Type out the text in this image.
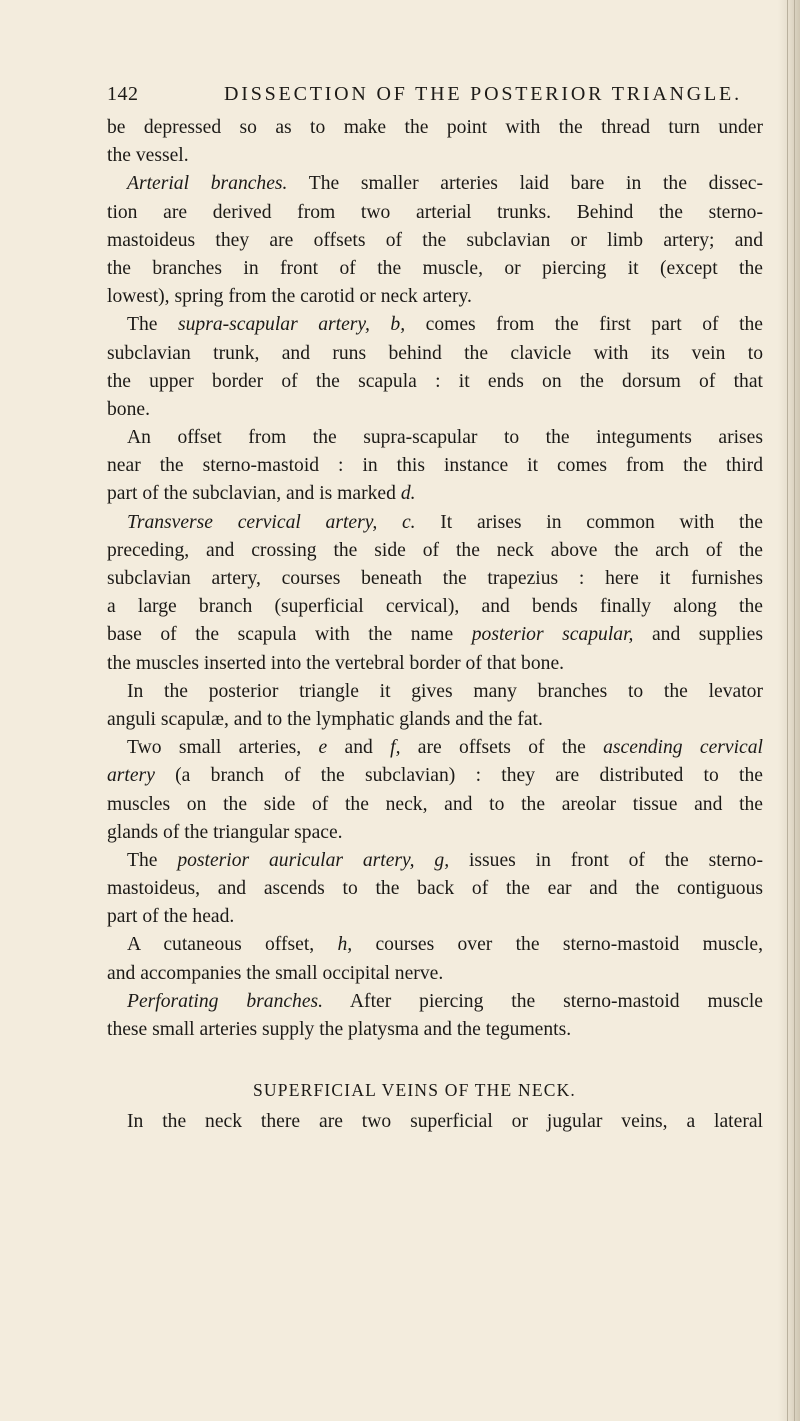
142	DISSECTION OF THE POSTERIOR TRIANGLE.
be depressed so as to make the point with the thread turn under
the vessel.
Arterial branches. The smaller arteries laid bare in the dissec-
tion are derived from two arterial trunks. Behind the sterno-
mastoideus they are offsets of the subclavian or limb artery; and
the branches in front of the muscle, or piercing it (except the
lowest), spring from the carotid or neck artery.
The supra-scapular artery, b, comes from the first part of the
subclavian trunk, and runs behind the clavicle with its vein to
the upper border of the scapula : it ends on the dorsum of that
bone.
An offset from the supra-scapular to the integuments arises
near the sterno-mastoid : in this instance it comes from the third
part of the subclavian, and is marked d.
Transverse cervical artery, c. It arises in common with the
preceding, and crossing the side of the neck above the arch of the
subclavian artery, courses beneath the trapezius : here it furnishes
a large branch (superficial cervical), and bends finally along the
base of the scapula with the name posterior scapular, and supplies
the muscles inserted into the vertebral border of that bone.
In the posterior triangle it gives many branches to the levator
anguli scapulæ, and to the lymphatic glands and the fat.
Two small arteries, e and f, are offsets of the ascending cervical
artery (a branch of the subclavian) : they are distributed to the
muscles on the side of the neck, and to the areolar tissue and the
glands of the triangular space.
The posterior auricular artery, g, issues in front of the sterno-
mastoideus, and ascends to the back of the ear and the contiguous
part of the head.
A cutaneous offset, h, courses over the sterno-mastoid muscle,
and accompanies the small occipital nerve.
Perforating branches. After piercing the sterno-mastoid muscle
these small arteries supply the platysma and the teguments.
SUPERFICIAL VEINS OF THE NECK.
In the neck there are two superficial or jugular veins, a lateral
